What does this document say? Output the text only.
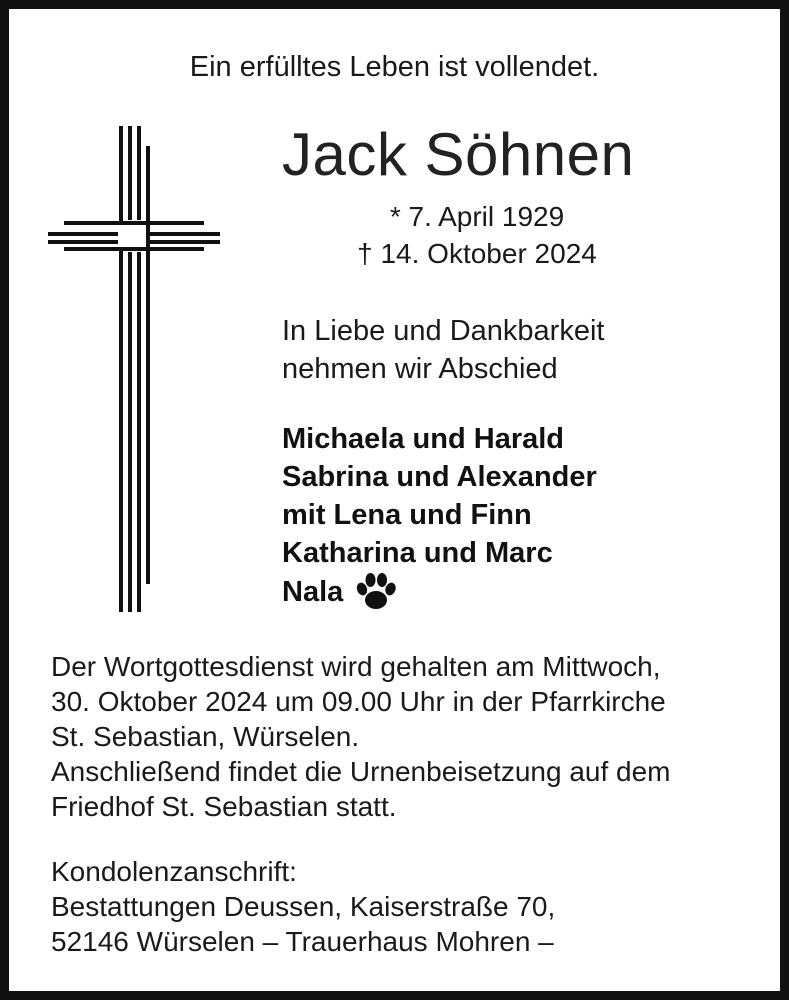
Ein erfülltes Leben ist vollendet.
Jack Söhnen
* 7. April 1929
† 14. Oktober 2024
In Liebe und Dankbarkeit
nehmen wir Abschied
Michaela und Harald
Sabrina und Alexander
mit Lena und Finn
Katharina und Marc
Nala
Der Wortgottesdienst wird gehalten am Mittwoch,
30. Oktober 2024 um 09.00 Uhr in der Pfarrkirche
St. Sebastian, Würselen.
Anschließend findet die Urnenbeisetzung auf dem
Friedhof St. Sebastian statt.
Kondolenzanschrift:
Bestattungen Deussen, Kaiserstraße 70,
52146 Würselen – Trauerhaus Mohren –
